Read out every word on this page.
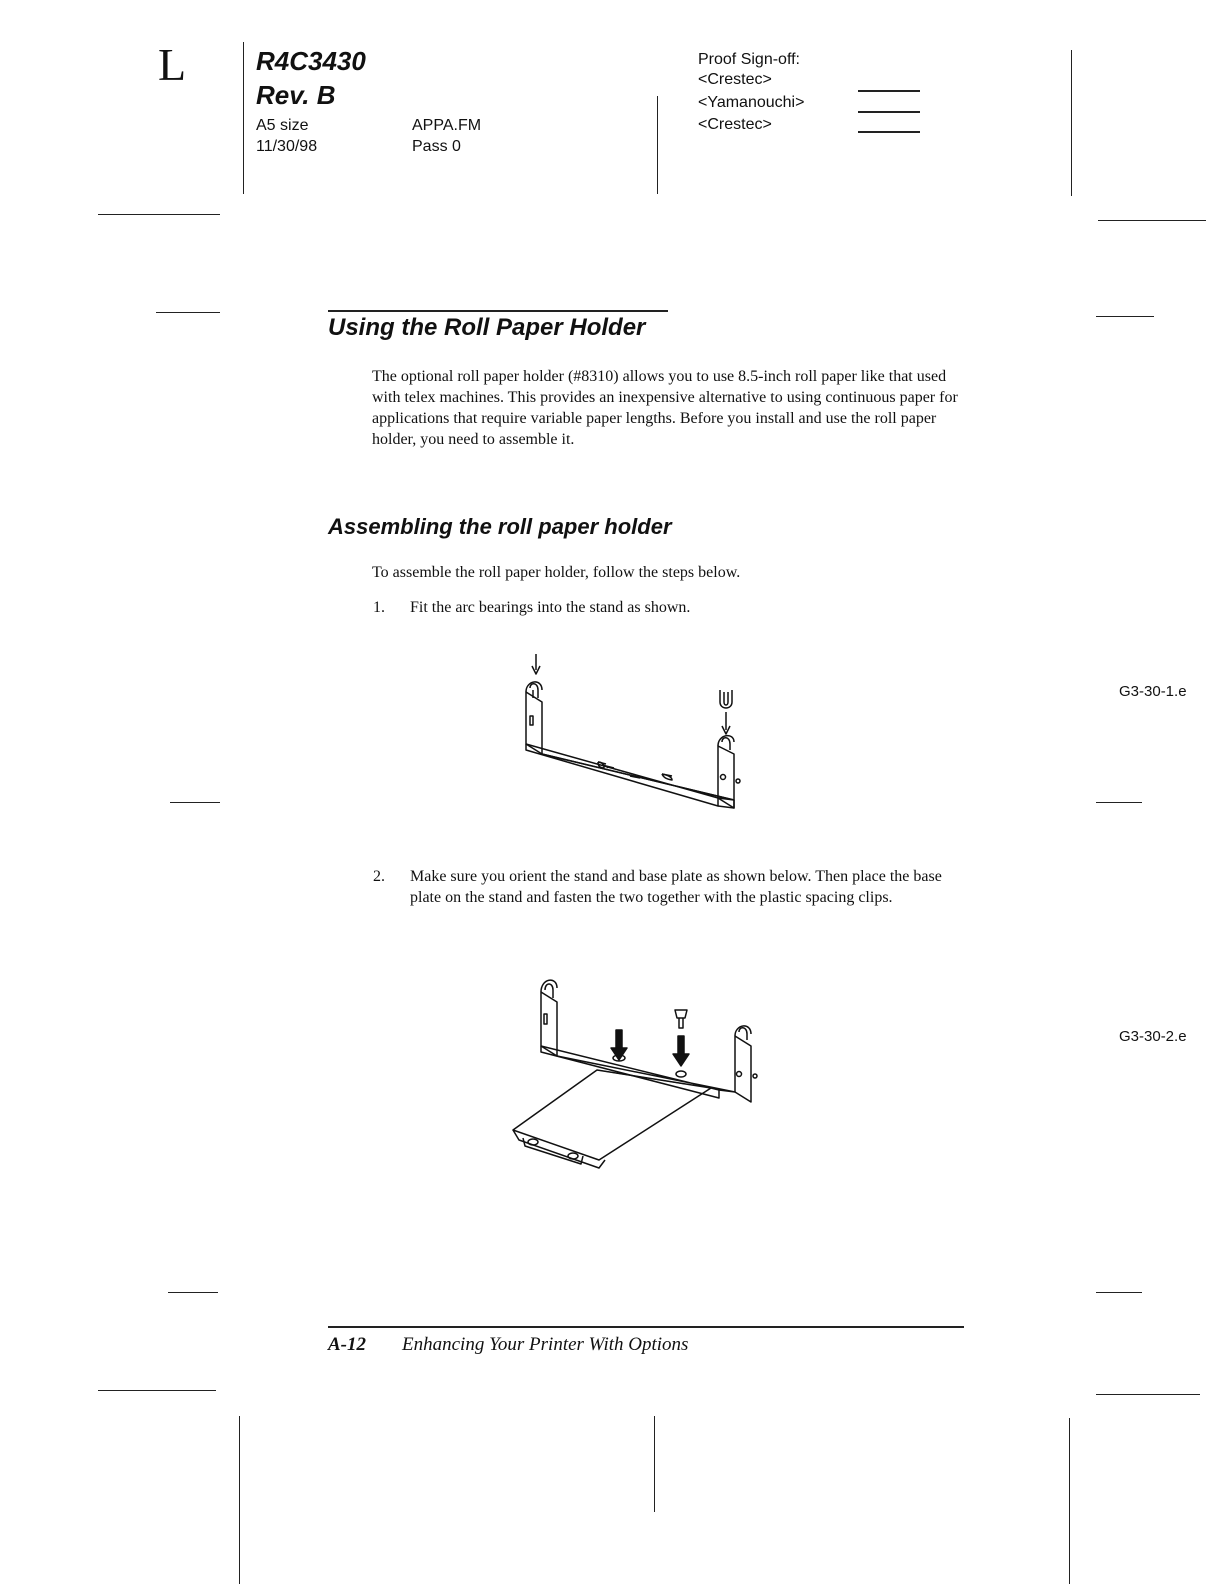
L	R4C3430
Rev. B
A5 size
11/30/98
APPA.FM
Pass 0
Proof Sign-off:
<Crestec>
<Yamanouchi>
<Crestec>
Using the Roll Paper Holder
The optional roll paper holder (#8310) allows you to use 8.5-inch roll paper like that used with telex machines. This provides an inexpensive alternative to using continuous paper for applications that require variable paper lengths. Before you install and use the roll paper holder, you need to assemble it.
Assembling the roll paper holder
To assemble the roll paper holder, follow the steps below.
1. Fit the arc bearings into the stand as shown.
G3-30-1.e
2. Make sure you orient the stand and base plate as shown below. Then place the base plate on the stand and fasten the two together with the plastic spacing clips.
G3-30-2.e
A-12 Enhancing Your Printer With Options
